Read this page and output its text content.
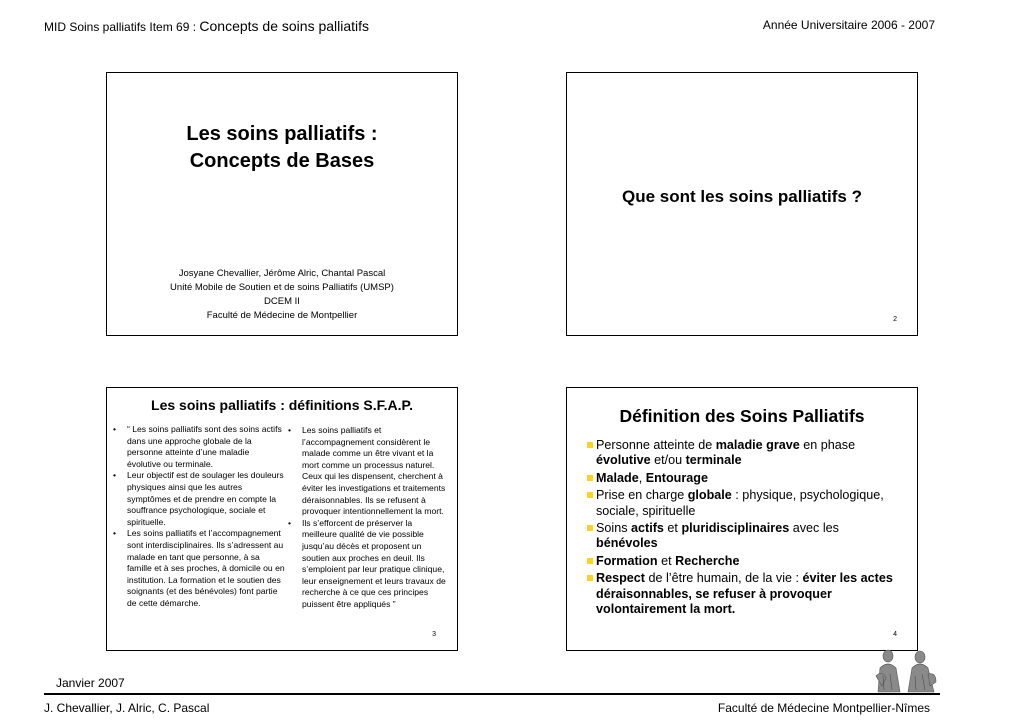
MID Soins palliatifs Item 69 : Concepts de soins palliatifs	Année Universitaire 2006 - 2007
Les soins palliatifs :
Concepts de Bases
Josyane Chevallier, Jérôme Alric, Chantal Pascal
Unité Mobile de Soutien et de soins Palliatifs (UMSP)
DCEM II
Faculté de Médecine de Montpellier
Que sont les soins palliatifs ?
2
Les soins palliatifs : définitions S.F.A.P.
• “ Les soins palliatifs sont des soins actifs dans une approche globale de la personne atteinte d’une maladie évolutive ou terminale.
• Leur objectif est de soulager les douleurs physiques ainsi que les autres symptômes et de prendre en compte la souffrance psychologique, sociale et spirituelle.
• Les soins palliatifs et l’accompagnement sont interdisciplinaires. Ils s’adressent au malade en tant que personne, à sa famille et à ses proches, à domicile ou en institution. La formation et le soutien des soignants (et des bénévoles) font partie de cette démarche.
• Les soins palliatifs et l’accompagnement considèrent le malade comme un être vivant et la mort comme un processus naturel. Ceux qui les dispensent, cherchent à éviter les investigations et traitements déraisonnables. Ils se refusent à provoquer intentionnellement la mort.
• Ils s’efforcent de préserver la meilleure qualité de vie possible jusqu’au décès et proposent un soutien aux proches en deuil. Ils s’emploient par leur pratique clinique, leur enseignement et leurs travaux de recherche à ce que ces principes puissent être appliqués ”
3
Définition des Soins Palliatifs
Personne atteinte de maladie grave en phase évolutive et/ou terminale
Malade, Entourage
Prise en charge globale : physique, psychologique, sociale, spirituelle
Soins actifs et pluridisciplinaires avec les bénévoles
Formation et Recherche
Respect de l’être humain, de la vie : éviter les actes déraisonnables, se refuser à provoquer volontairement la mort.
4
Janvier 2007
J. Chevallier, J. Alric, C. Pascal	Faculté de Médecine Montpellier-Nîmes
